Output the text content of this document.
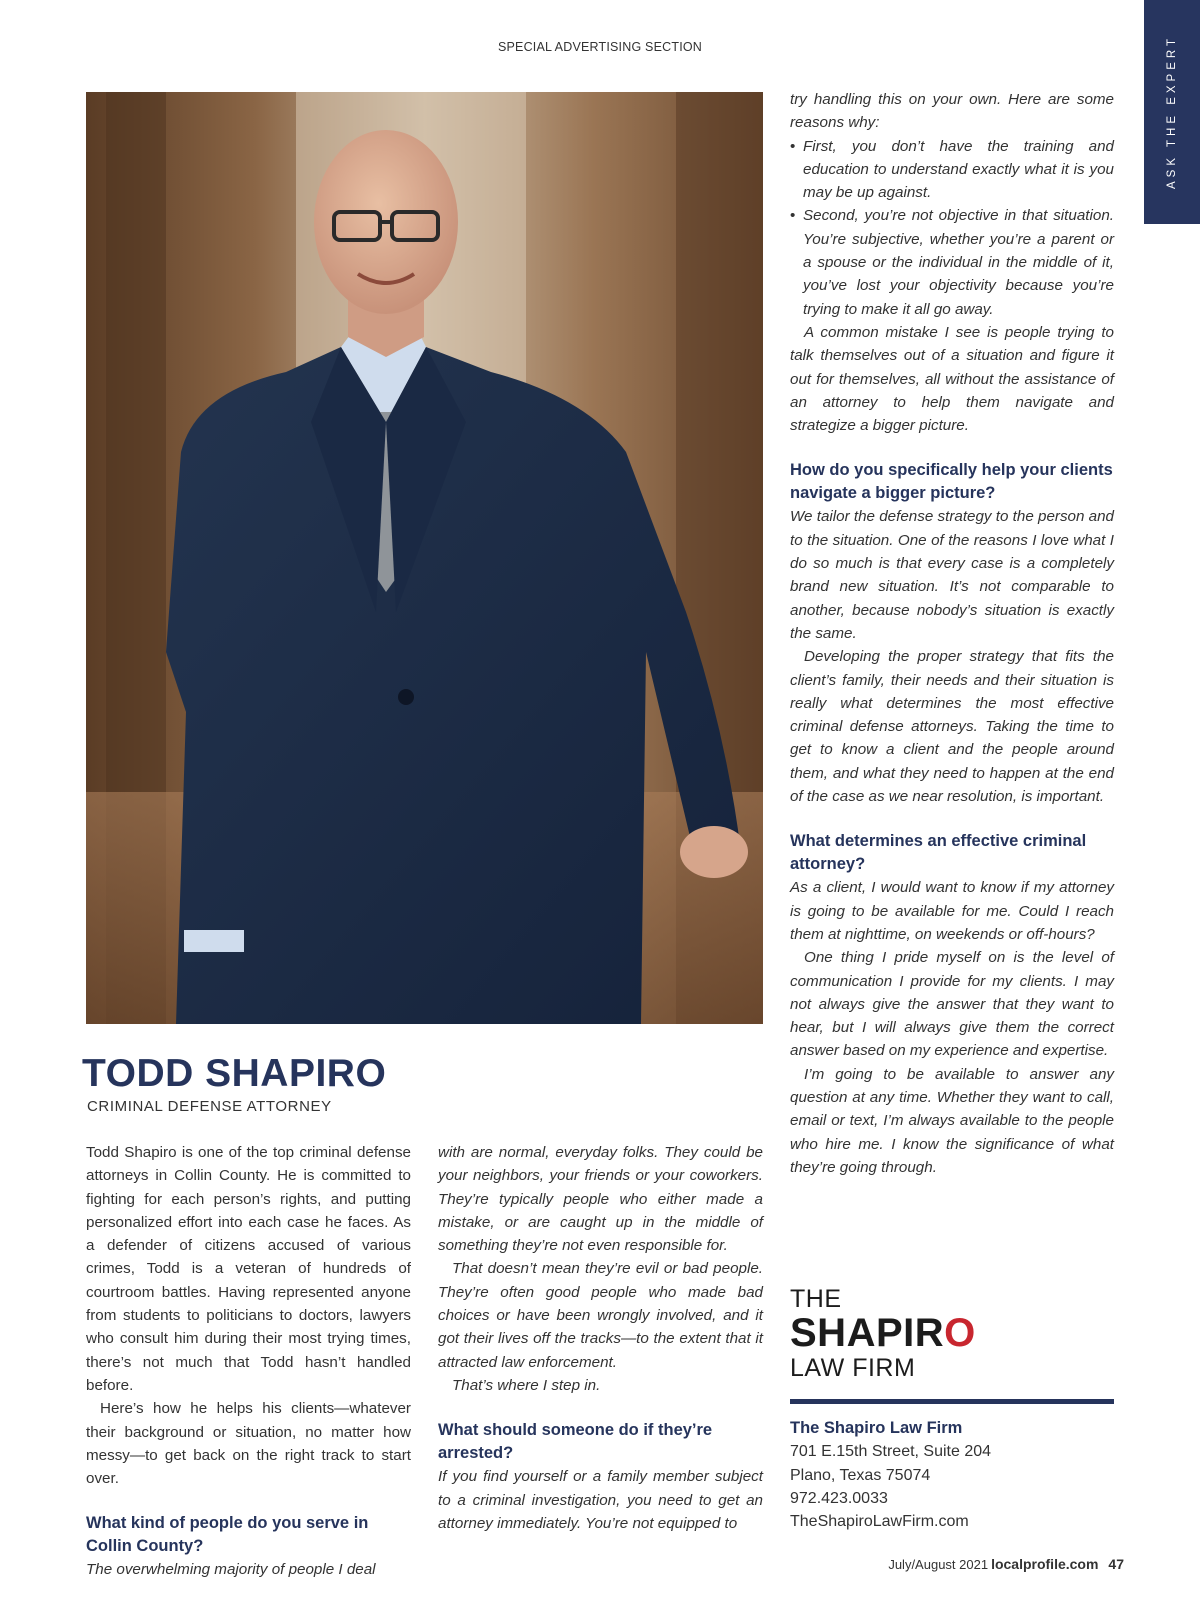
SPECIAL ADVERTISING SECTION	ASK THE EXPERT
TODD SHAPIRO
CRIMINAL DEFENSE ATTORNEY

Todd Shapiro is one of the top criminal defense attorneys in Collin County. He is committed to fighting for each person’s rights, and putting personalized effort into each case he faces. As a defender of citizens accused of various crimes, Todd is a veteran of hundreds of courtroom battles. Having represented anyone from students to politicians to doctors, lawyers who consult him during their most trying times, there’s not much that Todd hasn’t handled before.

Here’s how he helps his clients—whatever their background or situation, no matter how messy—to get back on the right track to start over.

What kind of people do you serve in Collin County?

The overwhelming majority of people I deal

with are normal, everyday folks. They could be your neighbors, your friends or your coworkers. They’re typically people who either made a mistake, or are caught up in the middle of something they’re not even responsible for.

That doesn’t mean they’re evil or bad people. They’re often good people who made bad choices or have been wrongly involved, and it got their lives off the tracks—to the extent that it attracted law enforcement.

That’s where I step in.

What should someone do if they’re arrested?

If you find yourself or a family member subject to a criminal investigation, you need to get an attorney immediately. You’re not equipped to

try handling this on your own. Here are some reasons why:

• First, you don’t have the training and education to understand exactly what it is you may be up against.
• Second, you’re not objective in that situation. You’re subjective, whether you’re a parent or a spouse or the individual in the middle of it, you’ve lost your objectivity because you’re trying to make it all go away.

A common mistake I see is people trying to talk themselves out of a situation and figure it out for themselves, all without the assistance of an attorney to help them navigate and strategize a bigger picture.

How do you specifically help your clients navigate a bigger picture?

We tailor the defense strategy to the person and to the situation. One of the reasons I love what I do so much is that every case is a completely brand new situation. It’s not comparable to another, because nobody’s situation is exactly the same.

Developing the proper strategy that fits the client’s family, their needs and their situation is really what determines the most effective criminal defense attorneys. Taking the time to get to know a client and the people around them, and what they need to happen at the end of the case as we near resolution, is important.

What determines an effective criminal attorney?

As a client, I would want to know if my attorney is going to be available for me. Could I reach them at nighttime, on weekends or off-hours?

One thing I pride myself on is the level of communication I provide for my clients. I may not always give the answer that they want to hear, but I will always give them the correct answer based on my experience and expertise.

I’m going to be available to answer any question at any time. Whether they want to call, email or text, I’m always available to the people who hire me. I know the significance of what they’re going through.

THE
SHAPIRO
LAW FIRM
The Shapiro Law Firm
701 E.15th Street, Suite 204
Plano, Texas 75074
972.423.0033
TheShapiroLawFirm.com
July/August 2021 localprofile.com 47
